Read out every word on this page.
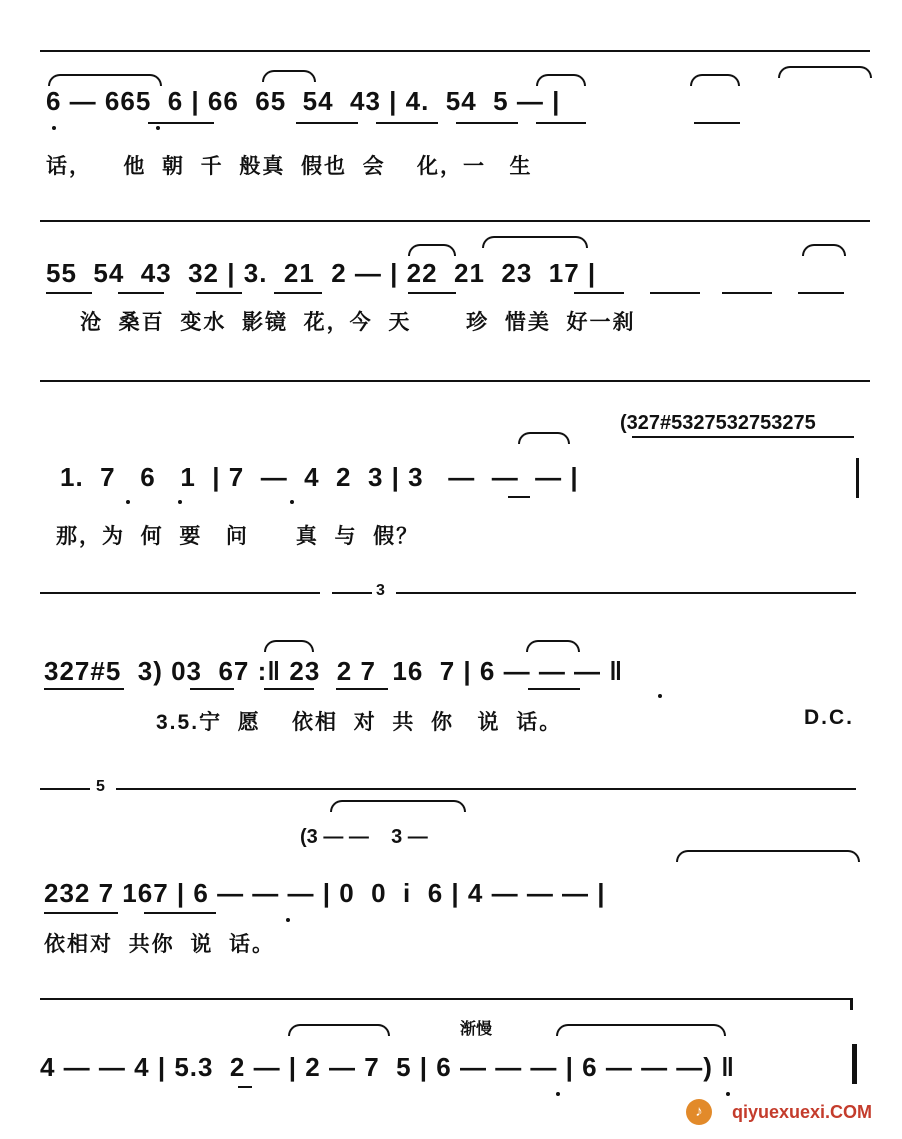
6 — 665  6 | 66  65  54  43 | 4.  54  5 — |
话，    他  朝  千  般真  假也  会    化，一   生
55  54  43  32 | 3.  21  2 — | 22  21  23  17 |
沧  桑百  变水  影镜  花，今  天       珍  惜美  好一刹
(327#5327532753275
1.  7   6   1  | 7  —  4  2  3 | 3   —  —  — |
那，为  何  要   问      真  与  假？
3
327#5  3) 03  67 :‖ 23  2 7  16  7 | 6 — — — ‖
3.5.宁  愿    依相  对  共  你   说  话。	D.C.
5
(3 — —    3 —
232 7 167 | 6 — — — | 0  0  i  6 | 4 — — — |
依相对  共你  说  话。
渐慢
4 — — 4 | 5.3  2 — | 2 — 7  5 | 6 — — — | 6 — — —) ‖
♪	qiyuexuexi.COM
